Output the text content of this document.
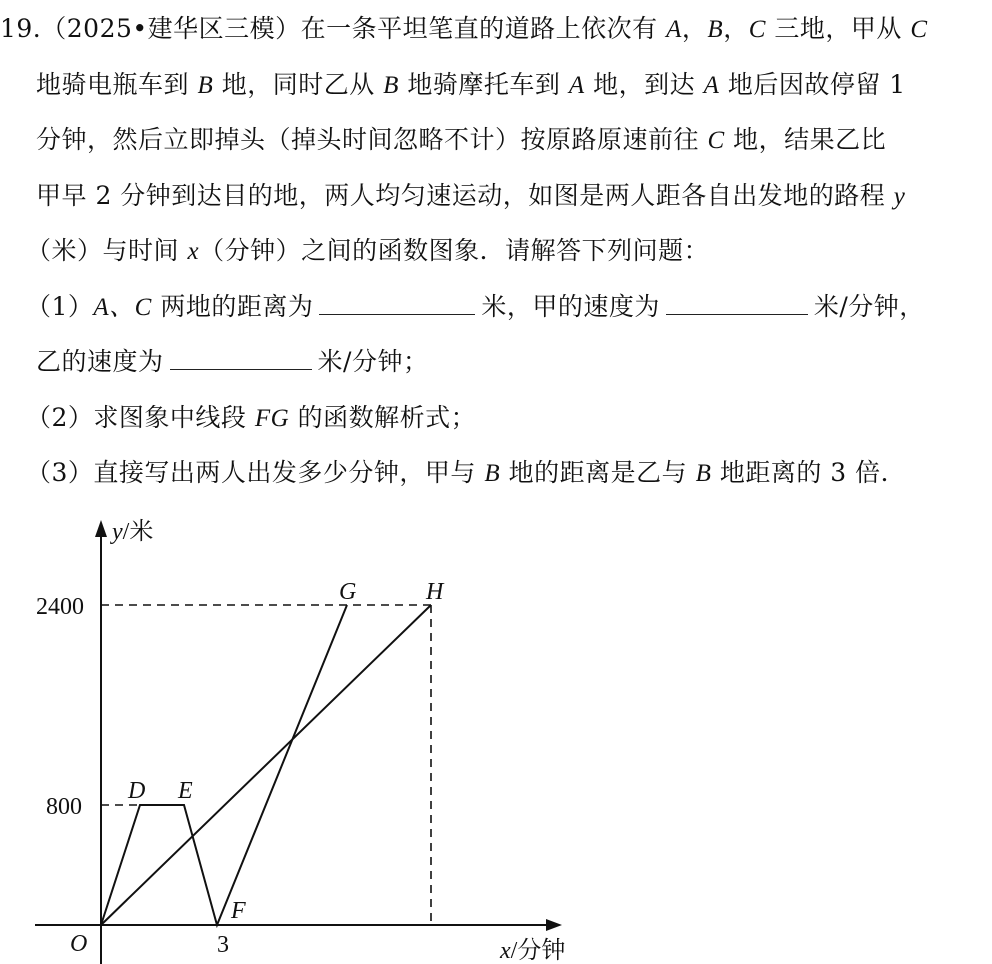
19.（2025•建华区三模）在一条平坦笔直的道路上依次有 A，B，C 三地，甲从 C
地骑电瓶车到 B 地，同时乙从 B 地骑摩托车到 A 地，到达 A 地后因故停留 1
分钟，然后立即掉头（掉头时间忽略不计）按原路原速前往 C 地，结果乙比
甲早 2 分钟到达目的地，两人均匀速运动，如图是两人距各自出发地的路程 y
（米）与时间 x（分钟）之间的函数图象．请解答下列问题：
（1）A、C 两地的距离为	米，甲的速度为	米/分钟，
乙的速度为	米/分钟；
（2）求图象中线段 FG 的函数解析式；
（3）直接写出两人出发多少分钟，甲与 B 地的距离是乙与 B 地距离的 3 倍．
y/米
x/分钟
O
2400
800
3
D E
F
G	H
